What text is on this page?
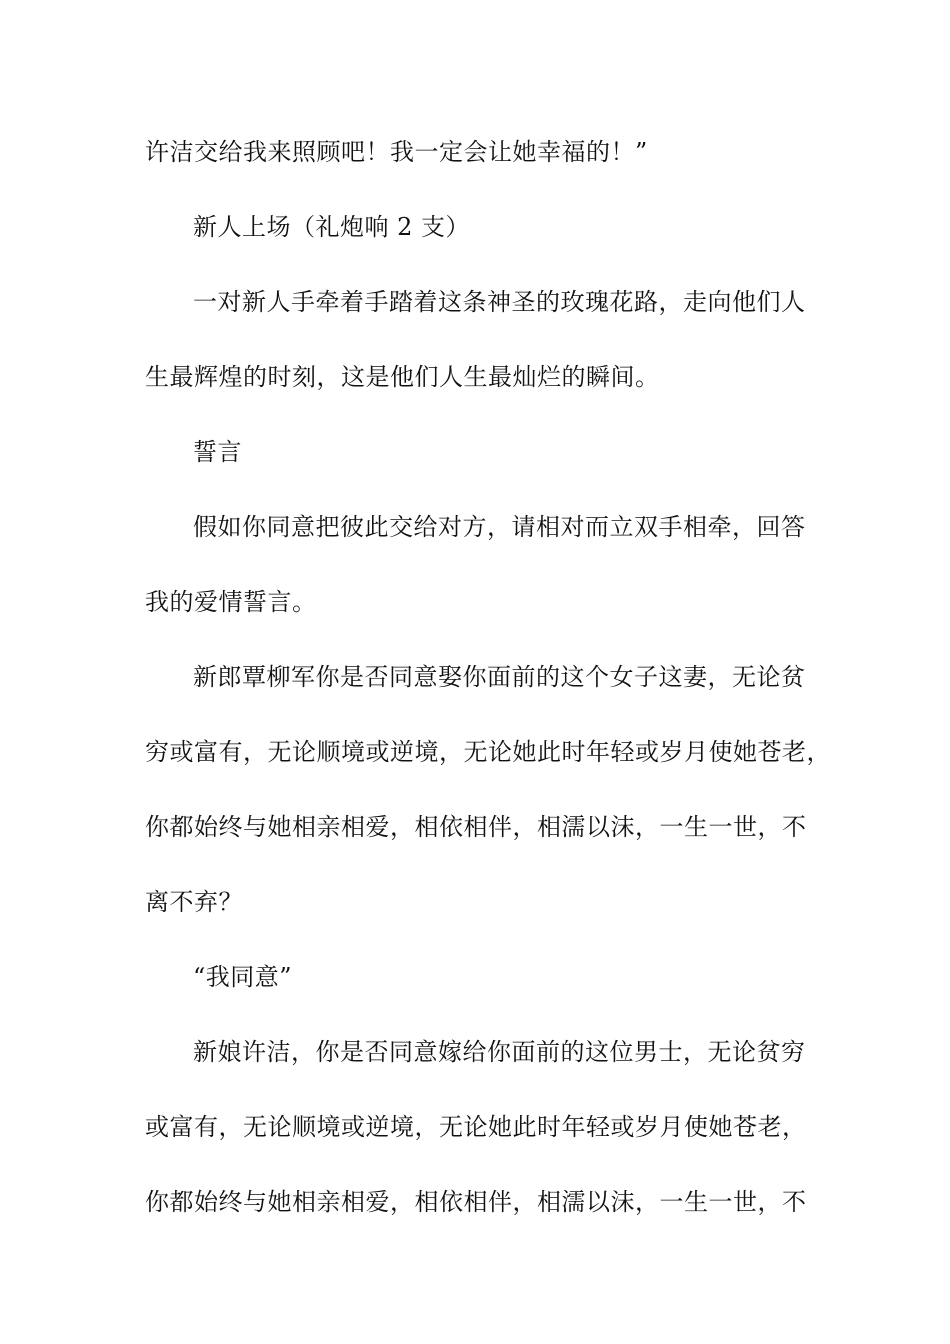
许洁交给我来照顾吧！我一定会让她幸福的！”
新人上场（礼炮响 2 支）
一对新人手牵着手踏着这条神圣的玫瑰花路，走向他们人
生最辉煌的时刻，这是他们人生最灿烂的瞬间。
誓言
假如你同意把彼此交给对方，请相对而立双手相牵，回答
我的爱情誓言。
新郎覃柳军你是否同意娶你面前的这个女子这妻，无论贫
穷或富有，无论顺境或逆境，无论她此时年轻或岁月使她苍老，
你都始终与她相亲相爱，相依相伴，相濡以沫，一生一世，不
离不弃？
“我同意”
新娘许洁，你是否同意嫁给你面前的这位男士，无论贫穷
或富有，无论顺境或逆境，无论她此时年轻或岁月使她苍老，
你都始终与她相亲相爱，相依相伴，相濡以沫，一生一世，不
